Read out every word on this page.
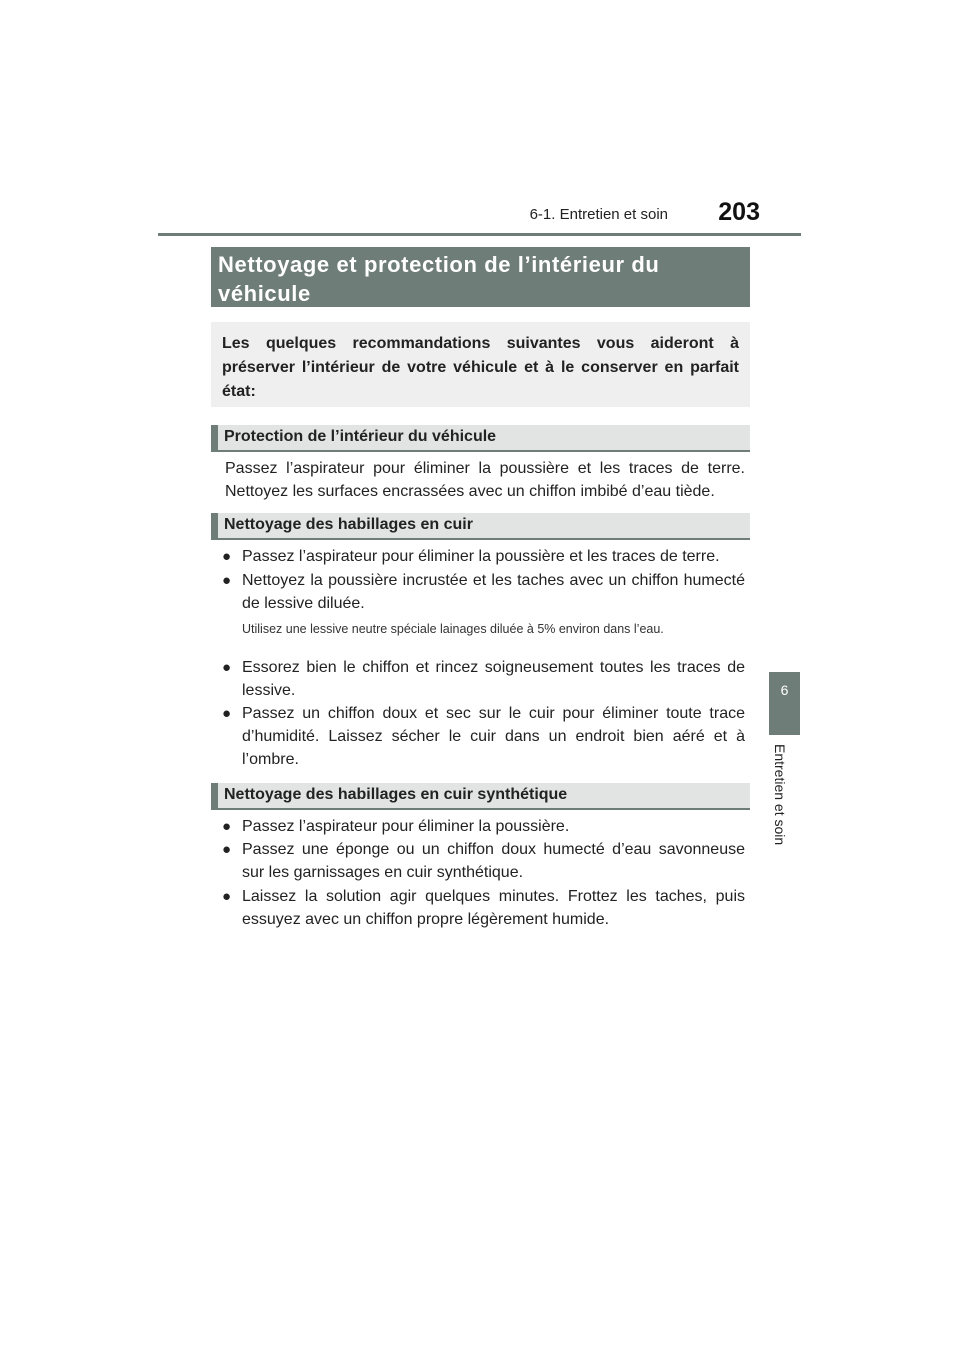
6-1. Entretien et soin	203
6
Entretien et soin
Nettoyage et protection de l’intérieur du véhicule
Les quelques recommandations suivantes vous aideront à préserver l’intérieur de votre véhicule et à le conserver en parfait état:
Protection de l’intérieur du véhicule
Passez l’aspirateur pour éliminer la poussière et les traces de terre. Nettoyez les surfaces encrassées avec un chiffon imbibé d’eau tiède.
Nettoyage des habillages en cuir
● Passez l’aspirateur pour éliminer la poussière et les traces de terre.
● Nettoyez la poussière incrustée et les taches avec un chiffon humecté de lessive diluée.
Utilisez une lessive neutre spéciale lainages diluée à 5% environ dans l’eau.
● Essorez bien le chiffon et rincez soigneusement toutes les traces de lessive.
● Passez un chiffon doux et sec sur le cuir pour éliminer toute trace d’humidité. Laissez sécher le cuir dans un endroit bien aéré et à l’ombre.
Nettoyage des habillages en cuir synthétique
● Passez l’aspirateur pour éliminer la poussière.
● Passez une éponge ou un chiffon doux humecté d’eau savonneuse sur les garnissages en cuir synthétique.
● Laissez la solution agir quelques minutes. Frottez les taches, puis essuyez avec un chiffon propre légèrement humide.
